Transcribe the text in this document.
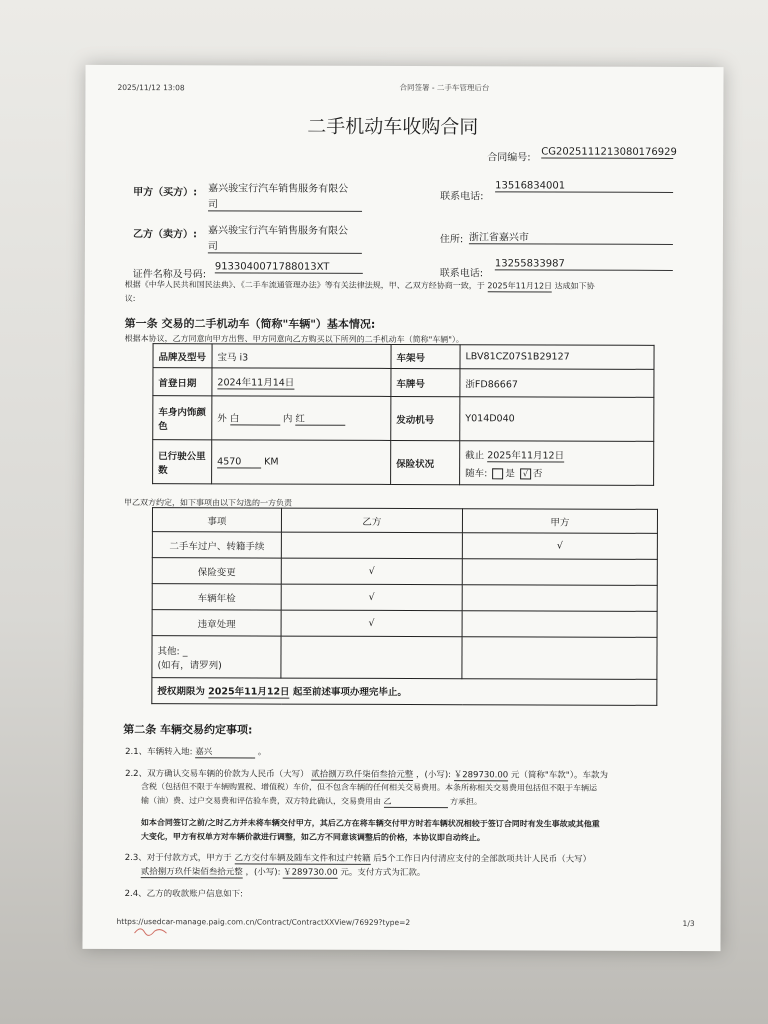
2025/11/12 13:08	合同签署 - 二手车管理后台
二手机动车收购合同
合同编号: CG2025111213080176929
甲方（买方）: 嘉兴骏宝行汽车销售服务有限公
司
联系电话:
13516834001
乙方（卖方）: 嘉兴骏宝行汽车销售服务有限公
司
住所: 浙江省嘉兴市
证件名称及号码:
9133040071788013XT
联系电话:
13255833987
根据《中华人民共和国民法典》、《二手车流通管理办法》等有关法律法规，甲、乙双方经协商一致，于 2025年11月12日 达成如下协
议:
第一条 交易的二手机动车（简称"车辆"）基本情况:
根据本协议，乙方同意向甲方出售、甲方同意向乙方购买以下所列的二手机动车（简称"车辆"）。
品牌及型号	宝马 i3	车架号	LBV81CZ07S1B29127
首登日期	2024年11月14日	车牌号	浙FD86667
车身内饰颜色	外 白 内 红	发动机号	Y014D040
已行驶公里数	4570 KM	保险状况	截止 2025年11月12日
随车: 是 √ 否
甲乙双方约定，如下事项由以下勾选的一方负责
事项	乙方	甲方
二手车过户、转籍手续		√
保险变更	√	
车辆年检	√	
违章处理	√	

其他: _
(如有，请罗列)		

授权期限为 2025年11月12日 起至前述事项办理完毕止。		
第二条 车辆交易约定事项:
2.1、车辆转入地: 嘉兴	。
2.2、双方确认交易车辆的价款为人民币（大写） 贰拾捌万玖仟柒佰叁拾元整 ，(小写): ￥289730.00 元（简称"车款"）。车款为
含税（包括但不限于车辆购置税、增值税）车价，但不包含车辆的任何相关交易费用。本条所称相关交易费用包括但不限于车辆运
输（油）费、过户交易费和评估验车费，双方特此确认，交易费用由 乙	方承担。
如本合同签订之前/之时乙方并未将车辆交付甲方，其后乙方在将车辆交付甲方时若车辆状况相较于签订合同时有发生事故或其他重
大变化，甲方有权单方对车辆价款进行调整，如乙方不同意该调整后的价格，本协议即自动终止。
2.3、对于付款方式，甲方于 乙方交付车辆及随车文件和过户转籍 后5个工作日内付清应支付的全部款项共计人民币（大写）
贰拾捌万玖仟柒佰叁拾元整 ，(小写): ￥289730.00 元。支付方式为汇款。
2.4、乙方的收款账户信息如下:
https://usedcar-manage.paig.com.cn/Contract/ContractXXView/76929?type=2	1/3
